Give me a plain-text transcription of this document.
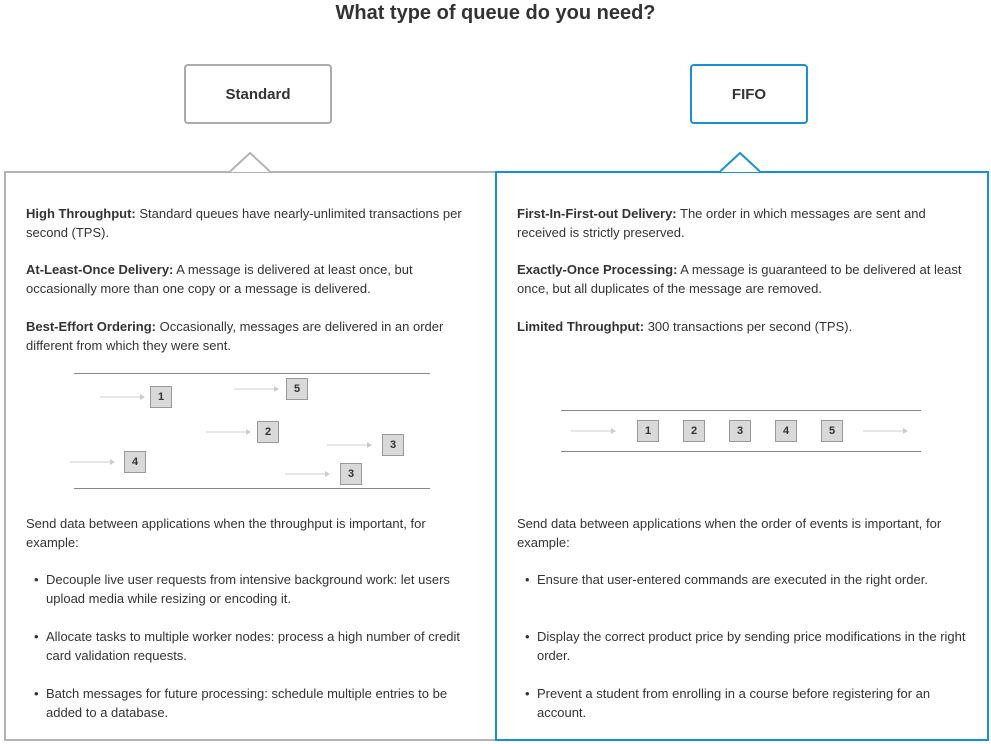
What type of queue do you need?
Standard	FIFO

High Throughput: Standard queues have nearly-unlimited transactions per second (TPS).

At-Least-Once Delivery: A message is delivered at least once, but occasionally more than one copy or a message is delivered.

Best-Effort Ordering: Occasionally, messages are delivered in an order different from which they were sent.

1
5
2
3
4
3

Send data between applications when the throughput is important, for example:

• Decouple live user requests from intensive background work: let users upload media while resizing or encoding it.
• Allocate tasks to multiple worker nodes: process a high number of credit card validation requests.
• Batch messages for future processing: schedule multiple entries to be added to a database.

First-In-First-out Delivery: The order in which messages are sent and received is strictly preserved.

Exactly-Once Processing: A message is guaranteed to be delivered at least once, but all duplicates of the message are removed.

Limited Throughput: 300 transactions per second (TPS).

1	2	3	4	5

Send data between applications when the order of events is important, for example:

• Ensure that user-entered commands are executed in the right order.
• Display the correct product price by sending price modifications in the right order.
• Prevent a student from enrolling in a course before registering for an account.
